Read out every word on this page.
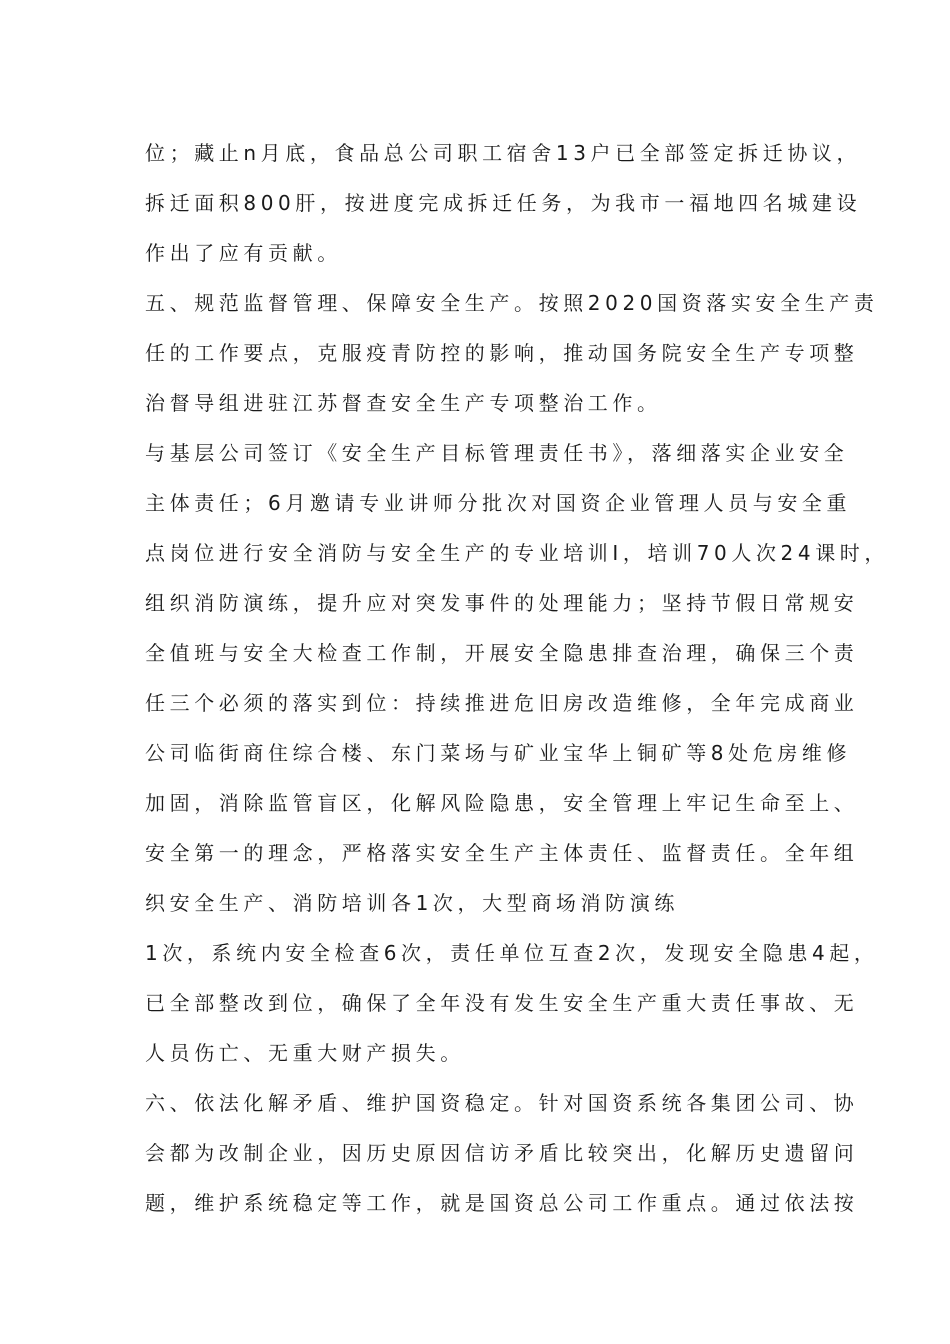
位；藏止n月底，食品总公司职工宿舍13户已全部签定拆迁协议，
拆迁面积800肝，按进度完成拆迁任务，为我市一福地四名城建设
作出了应有贡献。
五、规范监督管理、保障安全生产。按照2020国资落实安全生产责
任的工作要点，克服疫青防控的影响，推动国务院安全生产专项整
治督导组进驻江苏督查安全生产专项整治工作。
与基层公司签订《安全生产目标管理责任书》，落细落实企业安全
主体责任；6月邀请专业讲师分批次对国资企业管理人员与安全重
点岗位进行安全消防与安全生产的专业培训I，培训70人次24课时，
组织消防演练，提升应对突发事件的处理能力；坚持节假日常规安
全值班与安全大检查工作制，开展安全隐患排查治理，确保三个责
任三个必须的落实到位：持续推进危旧房改造维修，全年完成商业
公司临街商住综合楼、东门菜场与矿业宝华上铜矿等8处危房维修
加固，消除监管盲区，化解风险隐患，安全管理上牢记生命至上、
安全第一的理念，严格落实安全生产主体责任、监督责任。全年组
织安全生产、消防培训各1次，大型商场消防演练
1次，系统内安全检查6次，责任单位互查2次，发现安全隐患4起，
已全部整改到位，确保了全年没有发生安全生产重大责任事故、无
人员伤亡、无重大财产损失。
六、依法化解矛盾、维护国资稳定。针对国资系统各集团公司、协
会都为改制企业，因历史原因信访矛盾比较突出，化解历史遗留问
题，维护系统稳定等工作，就是国资总公司工作重点。通过依法按
